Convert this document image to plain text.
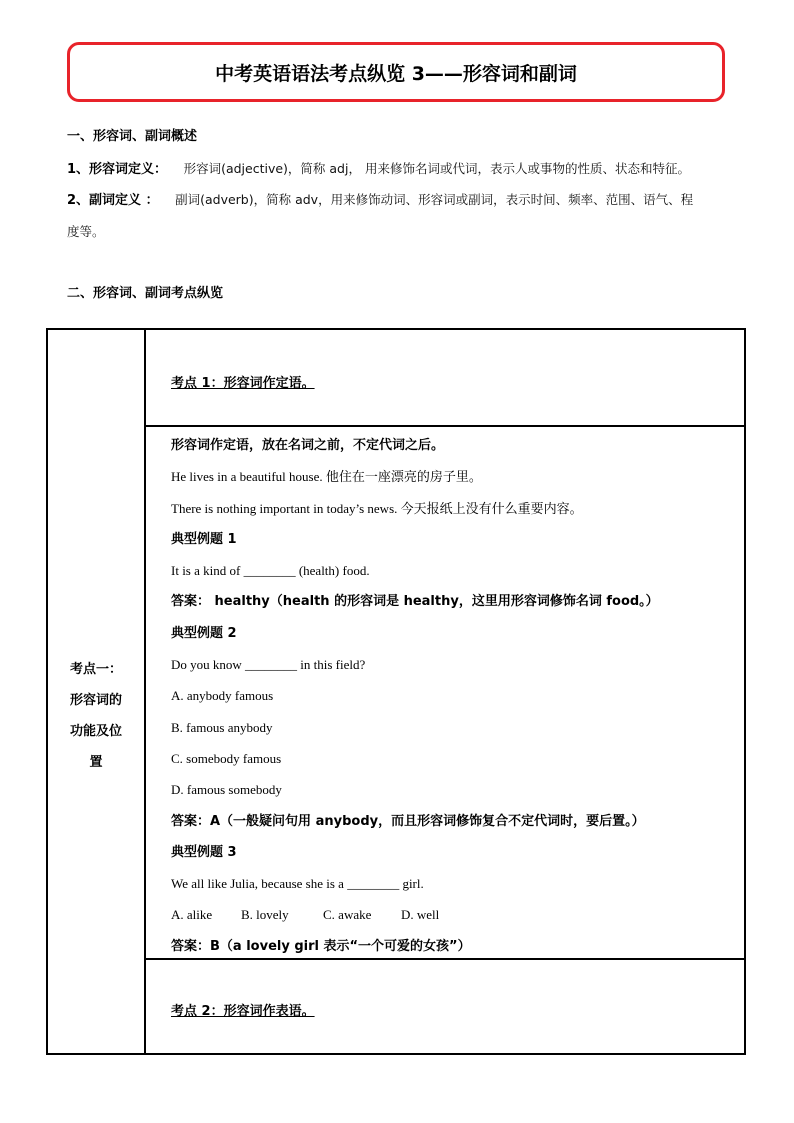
中考英语语法考点纵览 3——形容词和副词
一、形容词、副词概述
1、形容词定义： 形容词(adjective)，简称 adj， 用来修饰名词或代词，表示人或事物的性质、状态和特征。
2、副词定义 ： 副词(adverb)，简称 adv，用来修饰动词、形容词或副词，表示时间、频率、范围、语气、程
度等。
二、形容词、副词考点纵览
考点一：形容词的功能及位置
考点 1：形容词作定语。
形容词作定语，放在名词之前，不定代词之后。
He lives in a beautiful house. 他住在一座漂亮的房子里。
There is nothing important in today’s news. 今天报纸上没有什么重要内容。
典型例题 1
It is a kind of ________ (health) food.
答案： healthy（health 的形容词是 healthy，这里用形容词修饰名词 food。）
典型例题 2
Do you know ________ in this field?
A. anybody famous
B. famous anybody
C. somebody famous
D. famous somebody
答案：A（一般疑问句用 anybody，而且形容词修饰复合不定代词时，要后置。）
典型例题 3
We all like Julia, because she is a ________ girl.
A. alike B. lovely	C. awake D. well
答案：B（a lovely girl 表示“一个可爱的女孩”）
考点 2：形容词作表语。
